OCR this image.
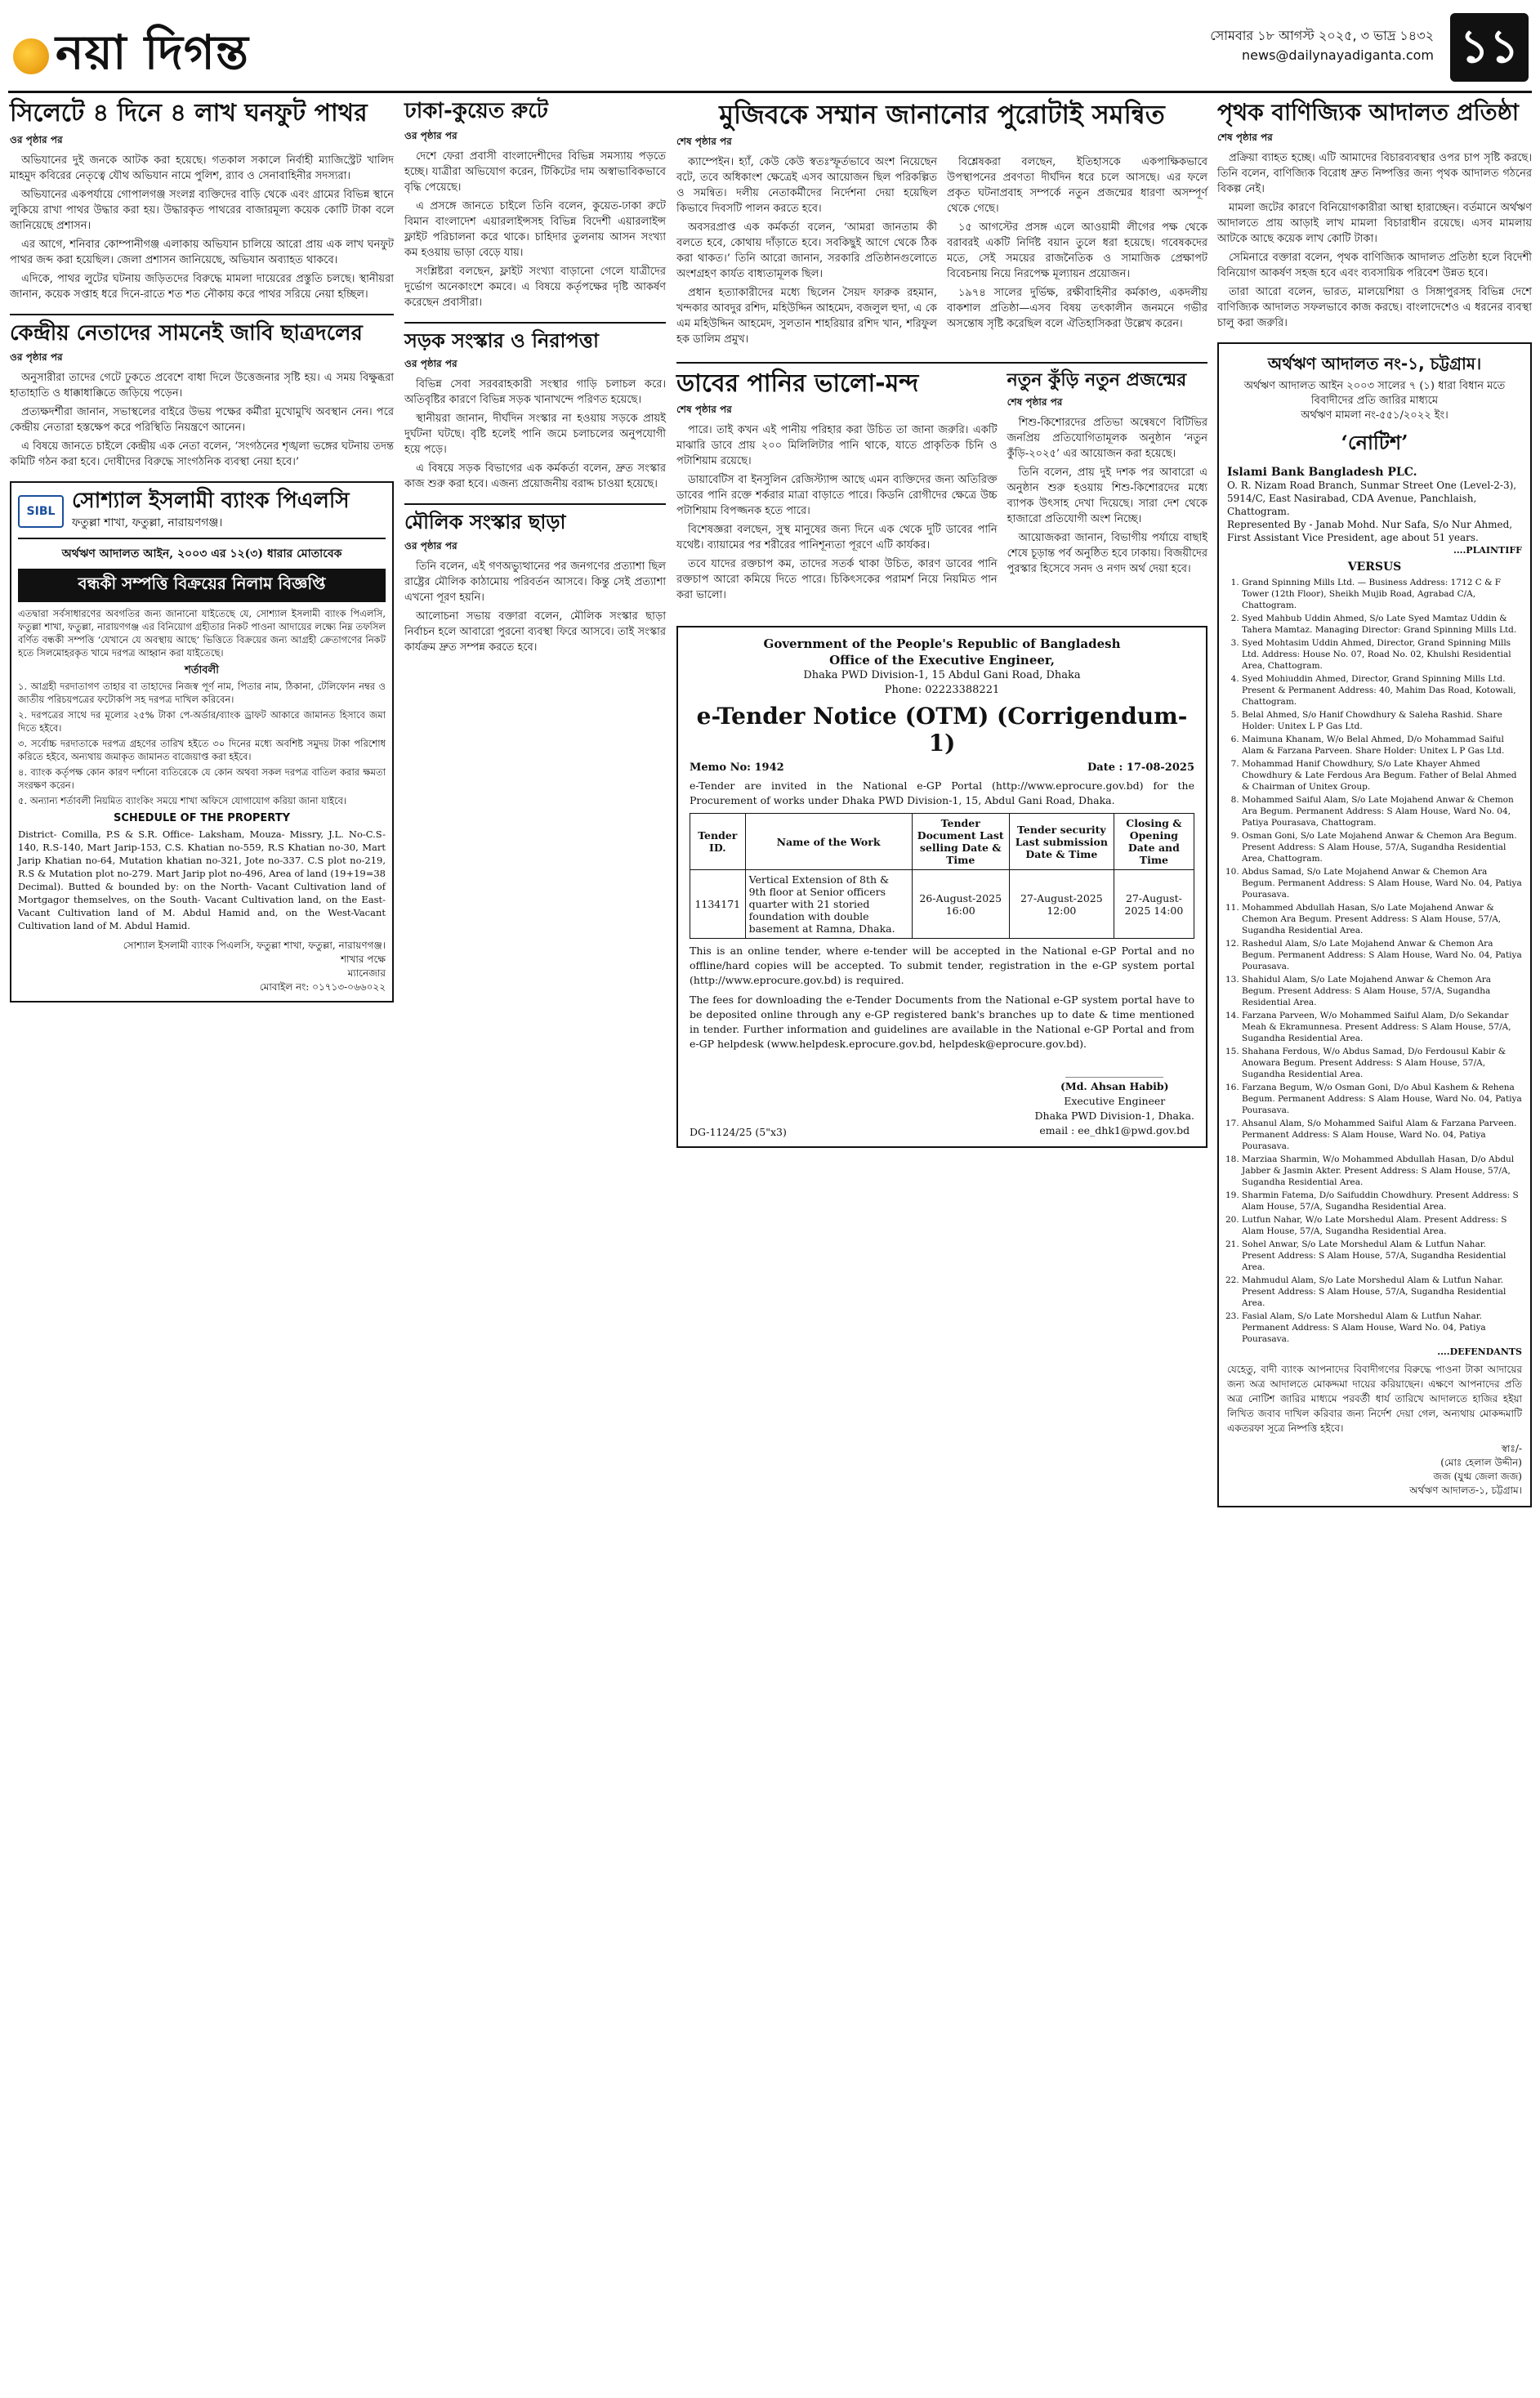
নয়া দিগন্ত	সোমবার ১৮ আগস্ট ২০২৫, ৩ ভাদ্র ১৪৩২
news@dailynayadiganta.com ১১
সিলেটে ৪ দিনে ৪ লাখ ঘনফুট পাথর
ওর পৃষ্ঠার পর

অভিযানের দুই জনকে আটক করা হয়েছে। গতকাল সকালে নির্বাহী ম্যাজিস্ট্রেট খালিদ মাহমুদ কবিরের নেতৃত্বে যৌথ অভিযান নামে পুলিশ, র‌্যাব ও সেনাবাহিনীর সদস্যরা।

অভিযানের একপর্যায়ে গোপালগঞ্জ সংলগ্ন ব্যক্তিদের বাড়ি থেকে এবং গ্রামের বিভিন্ন স্থানে লুকিয়ে রাখা পাথর উদ্ধার করা হয়। উদ্ধারকৃত পাথরের বাজারমূল্য কয়েক কোটি টাকা বলে জানিয়েছে প্রশাসন।

এর আগে, শনিবার কোম্পানীগঞ্জ এলাকায় অভিযান চালিয়ে আরো প্রায় এক লাখ ঘনফুট পাথর জব্দ করা হয়েছিল। জেলা প্রশাসন জানিয়েছে, অভিযান অব্যাহত থাকবে।

এদিকে, পাথর লুটের ঘটনায় জড়িতদের বিরুদ্ধে মামলা দায়েরের প্রস্তুতি চলছে। স্থানীয়রা জানান, কয়েক সপ্তাহ ধরে দিনে-রাতে শত শত নৌকায় করে পাথর সরিয়ে নেয়া হচ্ছিল।

কেন্দ্রীয় নেতাদের সামনেই জাবি ছাত্রদলের
ওর পৃষ্ঠার পর

অনুসারীরা তাদের গেটে ঢুকতে প্রবেশে বাধা দিলে উত্তেজনার সৃষ্টি হয়। এ সময় বিক্ষুব্ধরা হাতাহাতি ও ধাক্কাধাক্কিতে জড়িয়ে পড়েন।

প্রত্যক্ষদর্শীরা জানান, সভাস্থলের বাইরে উভয় পক্ষের কর্মীরা মুখোমুখি অবস্থান নেন। পরে কেন্দ্রীয় নেতারা হস্তক্ষেপ করে পরিস্থিতি নিয়ন্ত্রণে আনেন।

এ বিষয়ে জানতে চাইলে কেন্দ্রীয় এক নেতা বলেন, ‘সংগঠনের শৃঙ্খলা ভঙ্গের ঘটনায় তদন্ত কমিটি গঠন করা হবে। দোষীদের বিরুদ্ধে সাংগঠনিক ব্যবস্থা নেয়া হবে।’

SIBL সোশ্যাল ইসলামী ব্যাংক পিএলসি
ফতুল্লা শাখা, ফতুল্লা, নারায়ণগঞ্জ।
অর্থঋণ আদালত আইন, ২০০৩ এর ১২(৩) ধারার মোতাবেক
বন্ধকী সম্পত্তি বিক্রয়ের নিলাম বিজ্ঞপ্তি

এতদ্বারা সর্বসাধারণের অবগতির জন্য জানানো যাইতেছে যে, সোশ্যাল ইসলামী ব্যাংক পিএলসি, ফতুল্লা শাখা, ফতুল্লা, নারায়ণগঞ্জ এর বিনিয়োগ গ্রহীতার নিকট পাওনা আদায়ের লক্ষ্যে নিম্ন তফসিল বর্ণিত বন্ধকী সম্পত্তি ‘যেখানে যে অবস্থায় আছে’ ভিত্তিতে বিক্রয়ের জন্য আগ্রহী ক্রেতাগণের নিকট হতে সিলমোহরকৃত খামে দরপত্র আহ্বান করা যাইতেছে।

শর্তাবলী

১. আগ্রহী দরদাতাগণ তাহার বা তাহাদের নিজস্ব পূর্ণ নাম, পিতার নাম, ঠিকানা, টেলিফোন নম্বর ও জাতীয় পরিচয়পত্রের ফটোকপি সহ দরপত্র দাখিল করিবেন।

২. দরপত্রের সাথে দর মূল্যের ২৫% টাকা পে-অর্ডার/ব্যাংক ড্রাফট আকারে জামানত হিসাবে জমা দিতে হইবে।

৩. সর্বোচ্চ দরদাতাকে দরপত্র গ্রহণের তারিখ হইতে ৩০ দিনের মধ্যে অবশিষ্ট সমুদয় টাকা পরিশোধ করিতে হইবে, অন্যথায় জমাকৃত জামানত বাজেয়াপ্ত করা হইবে।

৪. ব্যাংক কর্তৃপক্ষ কোন কারণ দর্শানো ব্যতিরেকে যে কোন অথবা সকল দরপত্র বাতিল করার ক্ষমতা সংরক্ষণ করেন।

৫. অন্যান্য শর্তাবলী নিয়মিত ব্যাংকিং সময়ে শাখা অফিসে যোগাযোগ করিয়া জানা যাইবে।

SCHEDULE OF THE PROPERTY

District- Comilla, P.S & S.R. Office- Laksham, Mouza- Missry, J.L. No-C.S-140, R.S-140, Mart Jarip-153, C.S. Khatian no-559, R.S Khatian no-30, Mart Jarip Khatian no-64, Mutation khatian no-321, Jote no-337. C.S plot no-219, R.S & Mutation plot no-279. Mart Jarip plot no-496, Area of land (19+19=38 Decimal). Butted & bounded by: on the North- Vacant Cultivation land of Mortgagor themselves, on the South- Vacant Cultivation land, on the East- Vacant Cultivation land of M. Abdul Hamid and, on the West-Vacant Cultivation land of M. Abdul Hamid.

সোশ্যাল ইসলামী ব্যাংক পিএলসি, ফতুল্লা শাখা, ফতুল্লা, নারায়ণগঞ্জ।
শাখার পক্ষে
ম্যানেজার
মোবাইল নং: ০১৭১৩-০৬৬০২২
ঢাকা-কুয়েত রুটে
ওর পৃষ্ঠার পর

দেশে ফেরা প্রবাসী বাংলাদেশীদের বিভিন্ন সমস্যায় পড়তে হচ্ছে। যাত্রীরা অভিযোগ করেন, টিকিটের দাম অস্বাভাবিকভাবে বৃদ্ধি পেয়েছে।

এ প্রসঙ্গে জানতে চাইলে তিনি বলেন, কুয়েত-ঢাকা রুটে বিমান বাংলাদেশ এয়ারলাইন্সসহ বিভিন্ন বিদেশী এয়ারলাইন্স ফ্লাইট পরিচালনা করে থাকে। চাহিদার তুলনায় আসন সংখ্যা কম হওয়ায় ভাড়া বেড়ে যায়।

সংশ্লিষ্টরা বলছেন, ফ্লাইট সংখ্যা বাড়ানো গেলে যাত্রীদের দুর্ভোগ অনেকাংশে কমবে। এ বিষয়ে কর্তৃপক্ষের দৃষ্টি আকর্ষণ করেছেন প্রবাসীরা।

সড়ক সংস্কার ও নিরাপত্তা
ওর পৃষ্ঠার পর

বিভিন্ন সেবা সরবরাহকারী সংস্থার গাড়ি চলাচল করে। অতিবৃষ্টির কারণে বিভিন্ন সড়ক খানাখন্দে পরিণত হয়েছে।

স্থানীয়রা জানান, দীর্ঘদিন সংস্কার না হওয়ায় সড়কে প্রায়ই দুর্ঘটনা ঘটছে। বৃষ্টি হলেই পানি জমে চলাচলের অনুপযোগী হয়ে পড়ে।

এ বিষয়ে সড়ক বিভাগের এক কর্মকর্তা বলেন, দ্রুত সংস্কার কাজ শুরু করা হবে। এজন্য প্রয়োজনীয় বরাদ্দ চাওয়া হয়েছে।

মৌলিক সংস্কার ছাড়া
ওর পৃষ্ঠার পর

তিনি বলেন, এই গণঅভ্যুত্থানের পর জনগণের প্রত্যাশা ছিল রাষ্ট্রের মৌলিক কাঠামোয় পরিবর্তন আসবে। কিন্তু সেই প্রত্যাশা এখনো পূরণ হয়নি।

আলোচনা সভায় বক্তারা বলেন, মৌলিক সংস্কার ছাড়া নির্বাচন হলে আবারো পুরনো ব্যবস্থা ফিরে আসবে। তাই সংস্কার কার্যক্রম দ্রুত সম্পন্ন করতে হবে।

মুজিবকে সম্মান জানানোর পুরোটাই সমন্বিত
শেষ পৃষ্ঠার পর

ক্যাম্পেইন। হ্যাঁ, কেউ কেউ স্বতঃস্ফূর্তভাবে অংশ নিয়েছেন বটে, তবে অধিকাংশ ক্ষেত্রেই এসব আয়োজন ছিল পরিকল্পিত ও সমন্বিত। দলীয় নেতাকর্মীদের নির্দেশনা দেয়া হয়েছিল কিভাবে দিবসটি পালন করতে হবে।

অবসরপ্রাপ্ত এক কর্মকর্তা বলেন, ‘আমরা জানতাম কী বলতে হবে, কোথায় দাঁড়াতে হবে। সবকিছুই আগে থেকে ঠিক করা থাকত।’ তিনি আরো জানান, সরকারি প্রতিষ্ঠানগুলোতে অংশগ্রহণ কার্যত বাধ্যতামূলক ছিল।

প্রধান হত্যাকারীদের মধ্যে ছিলেন সৈয়দ ফারুক রহমান, খন্দকার আবদুর রশিদ, মহিউদ্দিন আহমেদ, বজলুল হুদা, এ কে এম মহিউদ্দিন আহমেদ, সুলতান শাহরিয়ার রশিদ খান, শরিফুল হক ডালিম প্রমুখ।

বিশ্লেষকরা বলছেন, ইতিহাসকে একপাক্ষিকভাবে উপস্থাপনের প্রবণতা দীর্ঘদিন ধরে চলে আসছে। এর ফলে প্রকৃত ঘটনাপ্রবাহ সম্পর্কে নতুন প্রজন্মের ধারণা অসম্পূর্ণ থেকে গেছে।

১৫ আগস্টের প্রসঙ্গ এলে আওয়ামী লীগের পক্ষ থেকে বরাবরই একটি নির্দিষ্ট বয়ান তুলে ধরা হয়েছে। গবেষকদের মতে, সেই সময়ের রাজনৈতিক ও সামাজিক প্রেক্ষাপট বিবেচনায় নিয়ে নিরপেক্ষ মূল্যায়ন প্রয়োজন।

১৯৭৪ সালের দুর্ভিক্ষ, রক্ষীবাহিনীর কর্মকাণ্ড, একদলীয় বাকশাল প্রতিষ্ঠা—এসব বিষয় তৎকালীন জনমনে গভীর অসন্তোষ সৃষ্টি করেছিল বলে ঐতিহাসিকরা উল্লেখ করেন।

ডাবের পানির ভালো-মন্দ
শেষ পৃষ্ঠার পর

পারে। তাই কখন এই পানীয় পরিহার করা উচিত তা জানা জরুরি। একটি মাঝারি ডাবে প্রায় ২০০ মিলিলিটার পানি থাকে, যাতে প্রাকৃতিক চিনি ও পটাশিয়াম রয়েছে।

ডায়াবেটিস বা ইনসুলিন রেজিস্ট্যান্স আছে এমন ব্যক্তিদের জন্য অতিরিক্ত ডাবের পানি রক্তে শর্করার মাত্রা বাড়াতে পারে। কিডনি রোগীদের ক্ষেত্রে উচ্চ পটাশিয়াম বিপজ্জনক হতে পারে।

বিশেষজ্ঞরা বলছেন, সুস্থ মানুষের জন্য দিনে এক থেকে দুটি ডাবের পানি যথেষ্ট। ব্যায়ামের পর শরীরের পানিশূন্যতা পূরণে এটি কার্যকর।

তবে যাদের রক্তচাপ কম, তাদের সতর্ক থাকা উচিত, কারণ ডাবের পানি রক্তচাপ আরো কমিয়ে দিতে পারে। চিকিৎসকের পরামর্শ নিয়ে নিয়মিত পান করা ভালো।

নতুন কুঁড়ি নতুন প্রজন্মের
শেষ পৃষ্ঠার পর

শিশু-কিশোরদের প্রতিভা অন্বেষণে বিটিভির জনপ্রিয় প্রতিযোগিতামূলক অনুষ্ঠান ‘নতুন কুঁড়ি-২০২৫’ এর আয়োজন করা হয়েছে।

তিনি বলেন, প্রায় দুই দশক পর আবারো এ অনুষ্ঠান শুরু হওয়ায় শিশু-কিশোরদের মধ্যে ব্যাপক উৎসাহ দেখা দিয়েছে। সারা দেশ থেকে হাজারো প্রতিযোগী অংশ নিচ্ছে।

আয়োজকরা জানান, বিভাগীয় পর্যায়ে বাছাই শেষে চূড়ান্ত পর্ব অনুষ্ঠিত হবে ঢাকায়। বিজয়ীদের পুরস্কার হিসেবে সনদ ও নগদ অর্থ দেয়া হবে।

Government of the People's Republic of Bangladesh
Office of the Executive Engineer,
Dhaka PWD Division-1, 15 Abdul Gani Road, Dhaka
Phone: 02223388221
e-Tender Notice (OTM) (Corrigendum-1)
Memo No: 1942	Date : 17-08-2025
e-Tender are invited in the National e-GP Portal (http://www.eprocure.gov.bd) for the Procurement of works under Dhaka PWD Division-1, 15, Abdul Gani Road, Dhaka.
Tender ID.	Name of the Work	Tender Document Last selling Date & Time	Tender security Last submission Date & Time	Closing & Opening Date and Time
1134171	Vertical Extension of 8th & 9th floor at Senior officers quarter with 21 storied foundation with double basement at Ramna, Dhaka.	26-August-2025 16:00	27-August-2025 12:00	27-August-2025 14:00
This is an online tender, where e-tender will be accepted in the National e-GP Portal and no offline/hard copies will be accepted. To submit tender, registration in the e-GP system portal (http://www.eprocure.gov.bd) is required.
The fees for downloading the e-Tender Documents from the National e-GP system portal have to be deposited online through any e-GP registered bank's branches up to date & time mentioned in tender. Further information and guidelines are available in the National e-GP Portal and from e-GP helpdesk (www.helpdesk.eprocure.gov.bd, helpdesk@eprocure.gov.bd).
DG-1124/25 (5"x3)
(Md. Ahsan Habib)
Executive Engineer
Dhaka PWD Division-1, Dhaka.
email : ee_dhk1@pwd.gov.bd
পৃথক বাণিজ্যিক আদালত প্রতিষ্ঠা
শেষ পৃষ্ঠার পর

প্রক্রিয়া ব্যাহত হচ্ছে। এটি আমাদের বিচারব্যবস্থার ওপর চাপ সৃষ্টি করছে। তিনি বলেন, বাণিজ্যিক বিরোধ দ্রুত নিষ্পত্তির জন্য পৃথক আদালত গঠনের বিকল্প নেই।

মামলা জটের কারণে বিনিয়োগকারীরা আস্থা হারাচ্ছেন। বর্তমানে অর্থঋণ আদালতে প্রায় আড়াই লাখ মামলা বিচারাধীন রয়েছে। এসব মামলায় আটকে আছে কয়েক লাখ কোটি টাকা।

সেমিনারে বক্তারা বলেন, পৃথক বাণিজ্যিক আদালত প্রতিষ্ঠা হলে বিদেশী বিনিয়োগ আকর্ষণ সহজ হবে এবং ব্যবসায়িক পরিবেশ উন্নত হবে।

তারা আরো বলেন, ভারত, মালয়েশিয়া ও সিঙ্গাপুরসহ বিভিন্ন দেশে বাণিজ্যিক আদালত সফলভাবে কাজ করছে। বাংলাদেশেও এ ধরনের ব্যবস্থা চালু করা জরুরি।

অর্থঋণ আদালত নং-১, চট্টগ্রাম।
অর্থঋণ আদালত আইন ২০০৩ সালের ৭ (১) ধারা বিধান মতে বিবাদীদের প্রতি জারির মাধ্যমে
অর্থঋণ মামলা নং-৫৫১/২০২২ ইং।
‘নোটিশ’
Islami Bank Bangladesh PLC.
O. R. Nizam Road Branch, Sunmar Street One (Level-2-3), 5914/C, East Nasirabad, CDA Avenue, Panchlaish, Chattogram.
Represented By - Janab Mohd. Nur Safa, S/o Nur Ahmed, First Assistant Vice President, age about 51 years.
....PLAINTIFF
VERSUS
1. Grand Spinning Mills Ltd. — Business Address: 1712 C & F Tower (12th Floor), Sheikh Mujib Road, Agrabad C/A, Chattogram.
2. Syed Mahbub Uddin Ahmed, S/o Late Syed Mamtaz Uddin & Tahera Mamtaz. Managing Director: Grand Spinning Mills Ltd.
3. Syed Mohtasim Uddin Ahmed, Director, Grand Spinning Mills Ltd. Address: House No. 07, Road No. 02, Khulshi Residential Area, Chattogram.
4. Syed Mohiuddin Ahmed, Director, Grand Spinning Mills Ltd. Present & Permanent Address: 40, Mahim Das Road, Kotowali, Chattogram.
5. Belal Ahmed, S/o Hanif Chowdhury & Saleha Rashid. Share Holder: Unitex L P Gas Ltd.
6. Maimuna Khanam, W/o Belal Ahmed, D/o Mohammad Saiful Alam & Farzana Parveen. Share Holder: Unitex L P Gas Ltd.
7. Mohammad Hanif Chowdhury, S/o Late Khayer Ahmed Chowdhury & Late Ferdous Ara Begum. Father of Belal Ahmed & Chairman of Unitex Group.
8. Mohammed Saiful Alam, S/o Late Mojahend Anwar & Chemon Ara Begum. Permanent Address: S Alam House, Ward No. 04, Patiya Pourasava, Chattogram.
9. Osman Goni, S/o Late Mojahend Anwar & Chemon Ara Begum. Present Address: S Alam House, 57/A, Sugandha Residential Area, Chattogram.
10. Abdus Samad, S/o Late Mojahend Anwar & Chemon Ara Begum. Permanent Address: S Alam House, Ward No. 04, Patiya Pourasava.
11. Mohammed Abdullah Hasan, S/o Late Mojahend Anwar & Chemon Ara Begum. Present Address: S Alam House, 57/A, Sugandha Residential Area.
12. Rashedul Alam, S/o Late Mojahend Anwar & Chemon Ara Begum. Permanent Address: S Alam House, Ward No. 04, Patiya Pourasava.
13. Shahidul Alam, S/o Late Mojahend Anwar & Chemon Ara Begum. Present Address: S Alam House, 57/A, Sugandha Residential Area.
14. Farzana Parveen, W/o Mohammed Saiful Alam, D/o Sekandar Meah & Ekramunnesa. Present Address: S Alam House, 57/A, Sugandha Residential Area.
15. Shahana Ferdous, W/o Abdus Samad, D/o Ferdousul Kabir & Anowara Begum. Present Address: S Alam House, 57/A, Sugandha Residential Area.
16. Farzana Begum, W/o Osman Goni, D/o Abul Kashem & Rehena Begum. Permanent Address: S Alam House, Ward No. 04, Patiya Pourasava.
17. Ahsanul Alam, S/o Mohammed Saiful Alam & Farzana Parveen. Permanent Address: S Alam House, Ward No. 04, Patiya Pourasava.
18. Marziaa Sharmin, W/o Mohammed Abdullah Hasan, D/o Abdul Jabber & Jasmin Akter. Present Address: S Alam House, 57/A, Sugandha Residential Area.
19. Sharmin Fatema, D/o Saifuddin Chowdhury. Present Address: S Alam House, 57/A, Sugandha Residential Area.
20. Lutfun Nahar, W/o Late Morshedul Alam. Present Address: S Alam House, 57/A, Sugandha Residential Area.
21. Sohel Anwar, S/o Late Morshedul Alam & Lutfun Nahar. Present Address: S Alam House, 57/A, Sugandha Residential Area.
22. Mahmudul Alam, S/o Late Morshedul Alam & Lutfun Nahar. Present Address: S Alam House, 57/A, Sugandha Residential Area.
23. Fasial Alam, S/o Late Morshedul Alam & Lutfun Nahar. Permanent Address: S Alam House, Ward No. 04, Patiya Pourasava.
....DEFENDANTS
যেহেতু, বাদী ব্যাংক আপনাদের বিবাদীগণের বিরুদ্ধে পাওনা টাকা আদায়ের জন্য অত্র আদালতে মোকদ্দমা দায়ের করিয়াছেন। এক্ষণে আপনাদের প্রতি অত্র নোটিশ জারির মাধ্যমে পরবর্তী ধার্য তারিখে আদালতে হাজির হইয়া লিখিত জবাব দাখিল করিবার জন্য নির্দেশ দেয়া গেল, অন্যথায় মোকদ্দমাটি একতরফা সূত্রে নিষ্পত্তি হইবে।
স্বাঃ/-
(মোঃ হেলাল উদ্দীন)
জজ (যুগ্ম জেলা জজ)
অর্থঋণ আদালত-১, চট্টগ্রাম।
